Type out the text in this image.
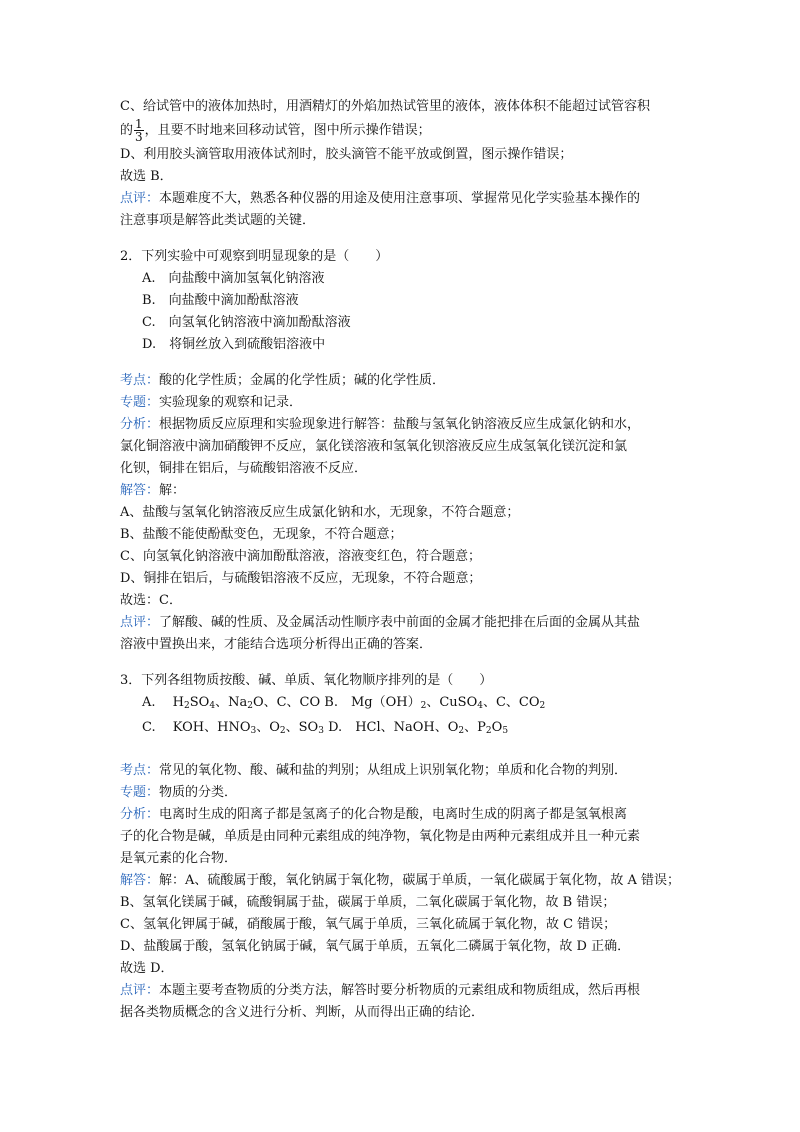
C、给试管中的液体加热时，用酒精灯的外焰加热试管里的液体，液体体积不能超过试管容积
的 $\frac{1}{3}$ ，且要不时地来回移动试管，图中所示操作错误；
D、利用胶头滴管取用液体试剂时，胶头滴管不能平放或倒置，图示操作错误；
故选 B．
点评：本题难度不大，熟悉各种仪器的用途及使用注意事项、掌握常见化学实验基本操作的
注意事项是解答此类试题的关键．
2．下列实验中可观察到明显现象的是（　　）
A.　向盐酸中滴加氢氧化钠溶液
B.　向盐酸中滴加酚酞溶液
C.　向氢氧化钠溶液中滴加酚酞溶液
D.　将铜丝放入到硫酸铝溶液中
考点：酸的化学性质；金属的化学性质；碱的化学性质．
专题：实验现象的观察和记录．
分析：根据物质反应原理和实验现象进行解答：盐酸与氢氧化钠溶液反应生成氯化钠和水，
氯化铜溶液中滴加硝酸钾不反应，氯化镁溶液和氢氧化钡溶液反应生成氢氧化镁沉淀和氯
化钡，铜排在铝后，与硫酸铝溶液不反应．
解答：解：
A、盐酸与氢氧化钠溶液反应生成氯化钠和水，无现象，不符合题意；
B、盐酸不能使酚酞变色，无现象，不符合题意；
C、向氢氧化钠溶液中滴加酚酞溶液，溶液变红色，符合题意；
D、铜排在铝后，与硫酸铝溶液不反应，无现象，不符合题意；
故选：C．
点评：了解酸、碱的性质、及金属活动性顺序表中前面的金属才能把排在后面的金属从其盐
溶液中置换出来，才能结合选项分析得出正确的答案．
3．下列各组物质按酸、碱、单质、氧化物顺序排列的是（　　）
A.　 $H_2SO_4$、$Na_2O$、C、CO B.　$Mg(OH)_2$、CuSO$_4$、C、$CO_2$
C.　 KOH、$HNO_3$、$O_2$、$SO_3$ D.　HCl、NaOH、$O_2$、$P_2O_5$
考点：常见的氧化物、酸、碱和盐的判别；从组成上识别氧化物；单质和化合物的判别．
专题：物质的分类．
分析：电离时生成的阳离子都是氢离子的化合物是酸，电离时生成的阴离子都是氢氧根离
子的化合物是碱，单质是由同种元素组成的纯净物，氧化物是由两种元素组成并且一种元素
是氧元素的化合物．
解答：解：A、硫酸属于酸，氧化钠属于氧化物，碳属于单质，一氧化碳属于氧化物，故 A 错误；
B、氢氧化镁属于碱，硫酸铜属于盐，碳属于单质，二氧化碳属于氧化物，故 B 错误；
C、氢氧化钾属于碱，硝酸属于酸，氧气属于单质，三氧化硫属于氧化物，故 C 错误；
D、盐酸属于酸，氢氧化钠属于碱，氧气属于单质，五氧化二磷属于氧化物，故 D 正确．
故选 D．
点评：本题主要考查物质的分类方法，解答时要分析物质的元素组成和物质组成，然后再根
据各类物质概念的含义进行分析、判断，从而得出正确的结论．
